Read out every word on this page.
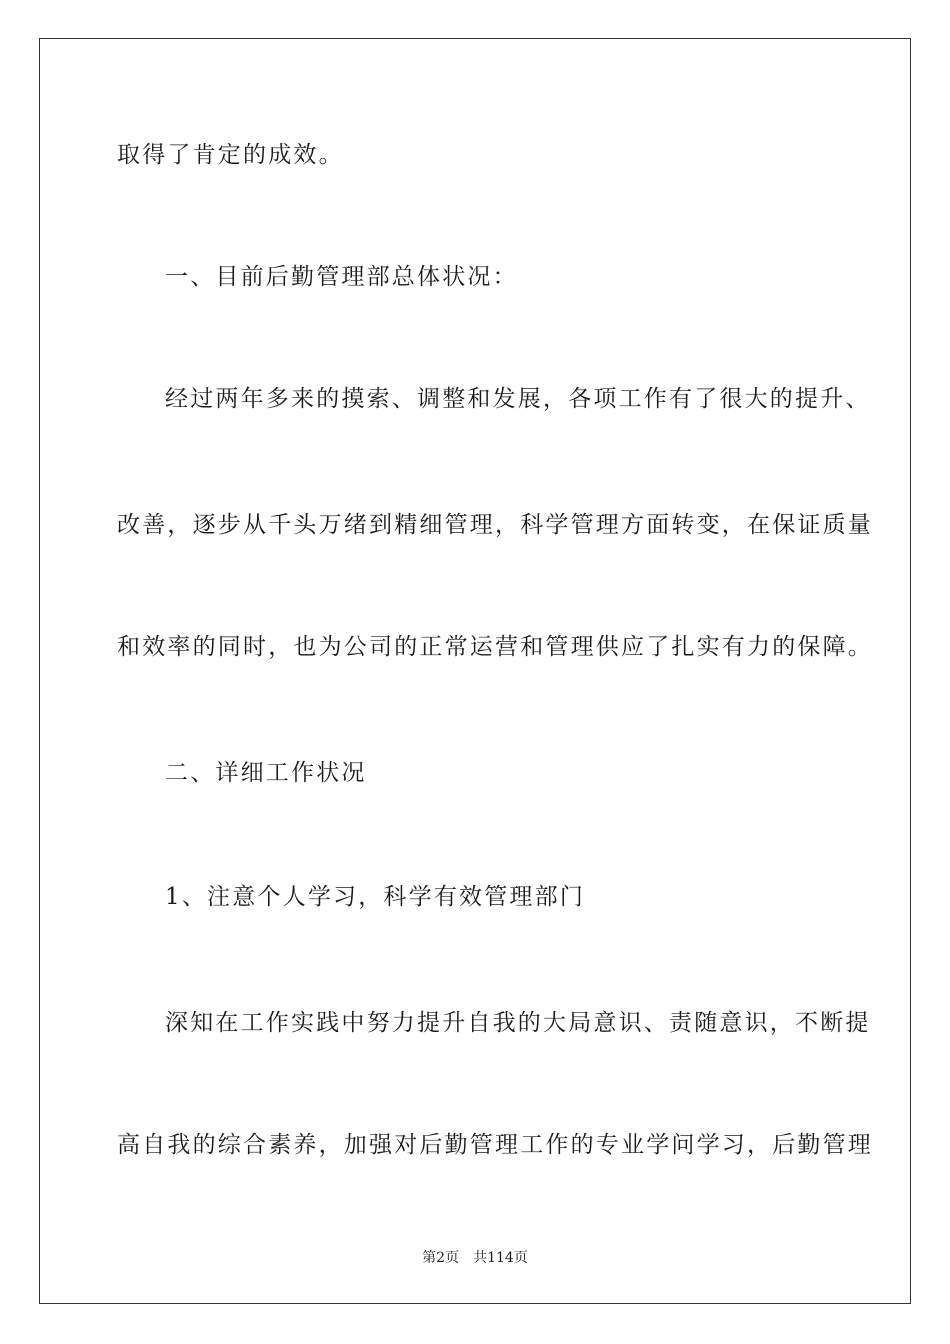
取得了肯定的成效。

一、目前后勤管理部总体状况：

经过两年多来的摸索、调整和发展，各项工作有了很大的提升、

改善，逐步从千头万绪到精细管理，科学管理方面转变，在保证质量

和效率的同时，也为公司的正常运营和管理供应了扎实有力的保障。

二、详细工作状况

1、注意个人学习，科学有效管理部门

深知在工作实践中努力提升自我的大局意识、责随意识，不断提

高自我的综合素养，加强对后勤管理工作的专业学问学习，后勤管理

第2页 共114页
